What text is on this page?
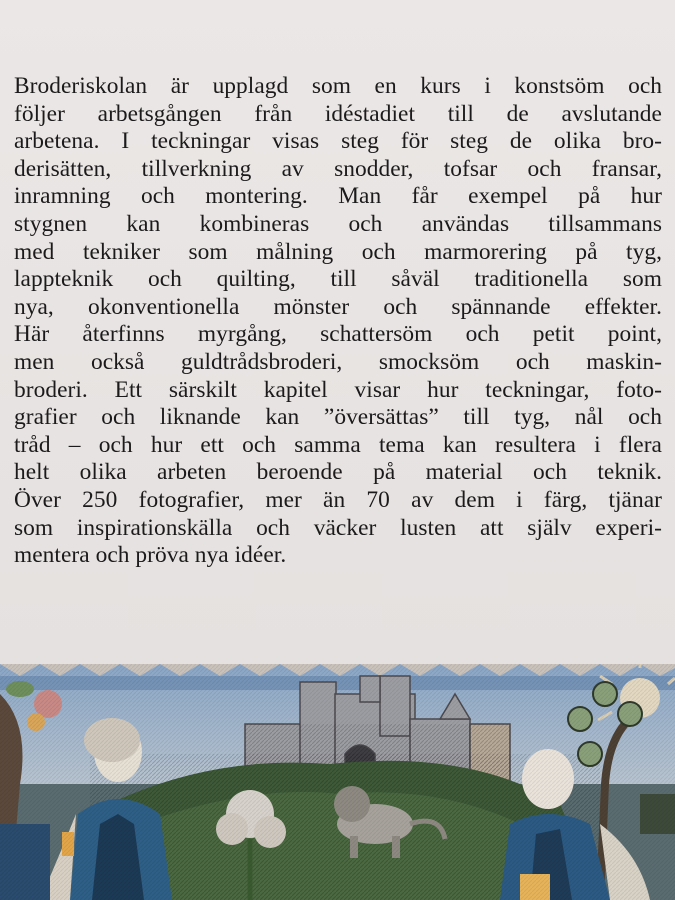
Broderiskolan är upplagd som en kurs i konstsöm och
följer arbetsgången från idéstadiet till de avslutande
arbetena. I teckningar visas steg för steg de olika bro-
derisätten, tillverkning av snodder, tofsar och fransar,
inramning och montering. Man får exempel på hur
stygnen kan kombineras och användas tillsammans
med tekniker som målning och marmorering på tyg,
lappteknik och quilting, till såväl traditionella som
nya, okonventionella mönster och spännande effekter.
Här återfinns myrgång, schattersöm och petit point,
men också guldtrådsbroderi, smocksöm och maskin-
broderi. Ett särskilt kapitel visar hur teckningar, foto-
grafier och liknande kan ”översättas” till tyg, nål och
tråd – och hur ett och samma tema kan resultera i flera
helt olika arbeten beroende på material och teknik.
Över 250 fotografier, mer än 70 av dem i färg, tjänar
som inspirationskälla och väcker lusten att själv experi-
mentera och pröva nya idéer.
